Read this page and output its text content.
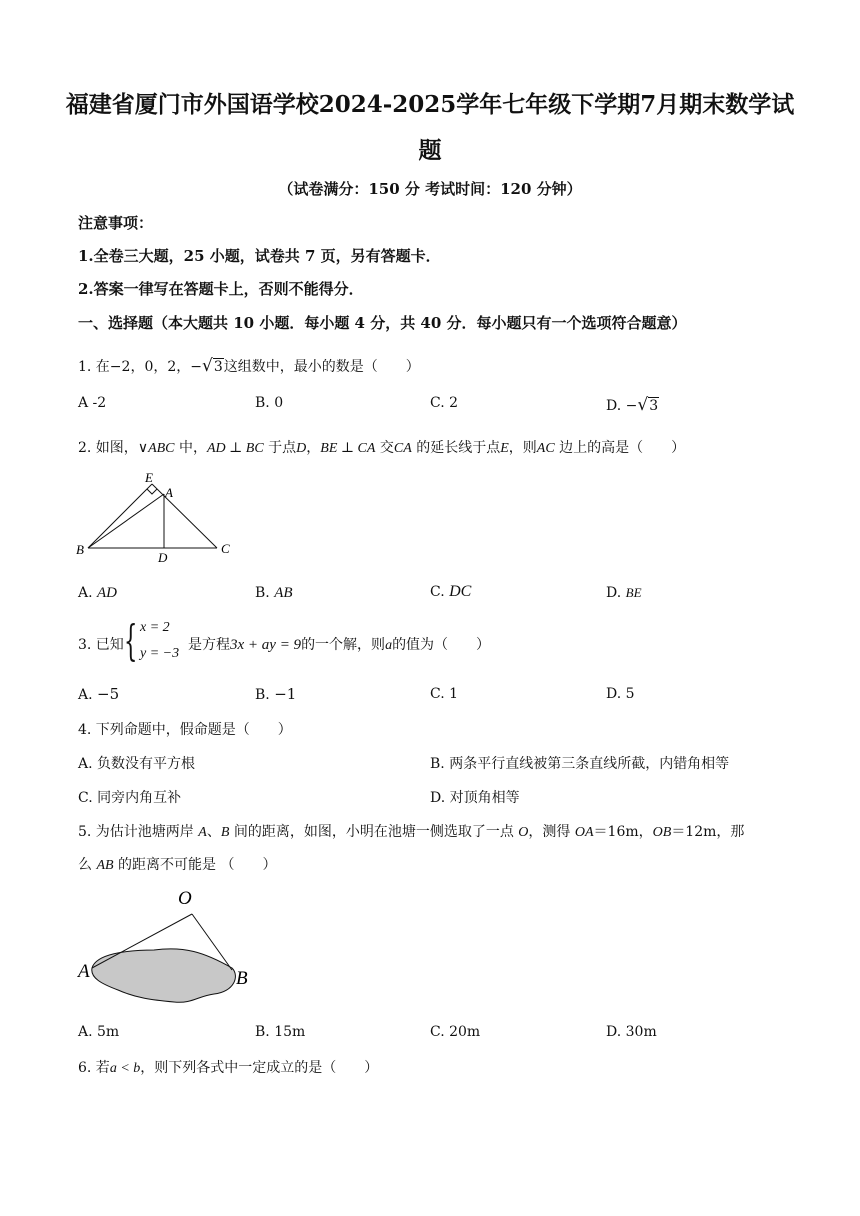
福建省厦门市外国语学校2024-2025学年七年级下学期7月期末数学试
题
（试卷满分：150 分 考试时间：120 分钟）
注意事项：
1.全卷三大题，25 小题，试卷共 7 页，另有答题卡．
2.答案一律写在答题卡上，否则不能得分．
一、选择题（本大题共 10 小题．每小题 4 分，共 40 分．每小题只有一个选项符合题意）
1. 在−2，0，2，−√3这组数中，最小的数是（　　）
A -2	B. 0	C. 2	D. −√3
2. 如图，∨ABC 中，AD ⊥ BC 于点D，BE ⊥ CA 交CA 的延长线于点E，则AC 边上的高是（　　）
E
A
B
D
C
A. AD	B. AB	C. DC	D. BE
3. 已知 { x = 2
y = −3
是方程3x + ay = 9的一个解，则a的值为（　　）
A. −5	B. −1	C. 1	D. 5
4. 下列命题中，假命题是（　　）
A. 负数没有平方根	B. 两条平行直线被第三条直线所截，内错角相等
C. 同旁内角互补	D. 对顶角相等
5. 为估计池塘两岸 A、B 间的距离，如图，小明在池塘一侧选取了一点 O，测得 OA＝16m，OB＝12m，那
么 AB 的距离不可能是 （　　）
O
A	B
A. 5m	B. 15m	C. 20m	D. 30m
6. 若a < b，则下列各式中一定成立的是（　　）
